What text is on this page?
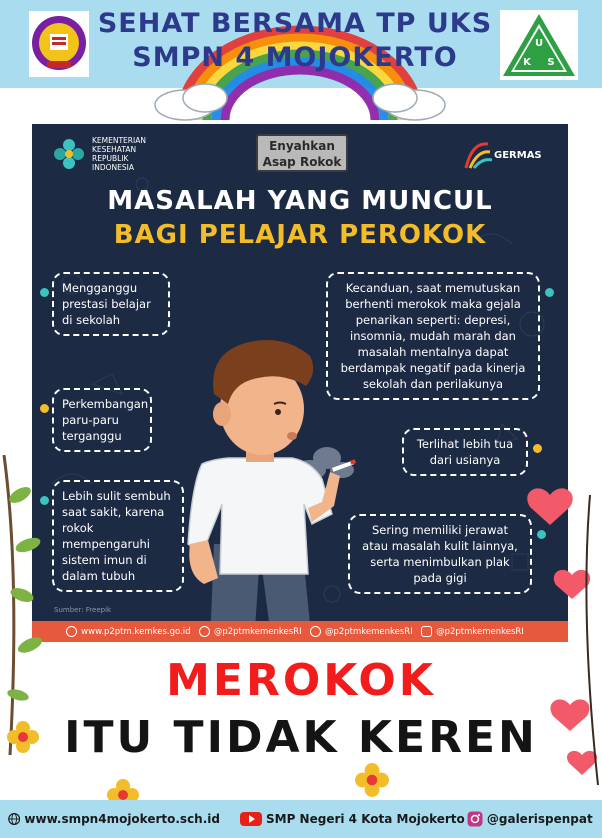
SEHAT BERSAMA TP UKS
SMPN 4 MOJOKERTO	U
K S
KEMENTERIAN KESEHATAN REPUBLIK INDONESIA
Enyahkan
Asap Rokok	GERMAS
MASALAH YANG MUNCUL
BAGI PELAJAR PEROKOK
Mengganggu prestasi belajar di sekolah
Perkembangan paru-paru terganggu
Lebih sulit sembuh saat sakit, karena rokok mempengaruhi sistem imun di dalam tubuh
Kecanduan, saat memutuskan berhenti merokok maka gejala penarikan seperti: depresi, insomnia, mudah marah dan masalah mentalnya dapat berdampak negatif pada kinerja sekolah dan perilakunya
Terlihat lebih tua dari usianya
Sering memiliki jerawat atau masalah kulit lainnya, serta menimbulkan plak pada gigi
Sumber: Freepik
www.p2ptm.kemkes.go.id	@p2ptmkemenkesRI	@p2ptmkemenkesRI	@p2ptmkemenkesRI
MEROKOK
ITU TIDAK KEREN
www.smpn4mojokerto.sch.id	SMP Negeri 4 Kota Mojokerto @galerispenpat
